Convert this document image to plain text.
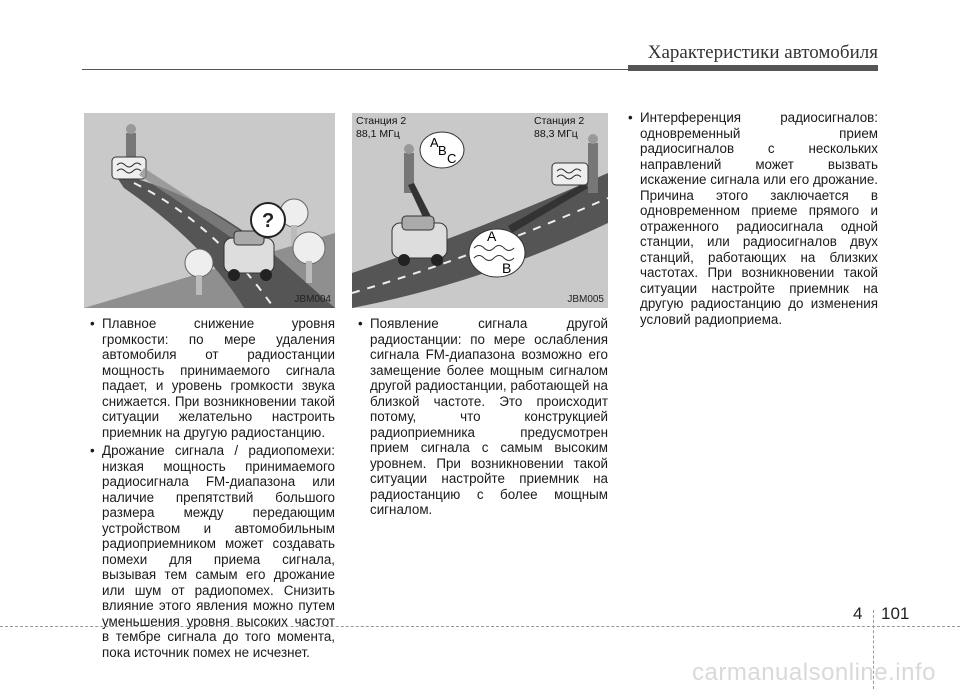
Характеристики автомобиля
?
JBM004
A
B
C
A
B
Станция 2
88,1 МГц
Станция 2
88,3 МГц
JBM005

• Плавное снижение уровня громкости: по мере удаления автомобиля от радиостанции мощность принимаемого сигнала падает, и уровень громкости звука снижается. При возникновении такой ситуации желательно настроить приемник на другую радиостанцию.

• Дрожание сигнала / радиопомехи: низкая мощность принимаемого радиосигнала FM-диапазона или наличие препятствий большого размера между передающим устройством и автомобильным радиоприемником может создавать помехи для приема сигнала, вызывая тем самым его дрожание или шум от радиопомех. Снизить влияние этого явления можно путем уменьшения уровня высоких частот в тембре сигнала до того момента, пока источник помех не исчезнет.

• Появление сигнала другой радиостанции: по мере ослабления сигнала FM-диапазона возможно его замещение более мощным сигналом другой радиостанции, работающей на близкой частоте. Это происходит потому, что конструкцией радиоприемника предусмотрен прием сигнала с самым высоким уровнем. При возникновении такой ситуации настройте приемник на радиостанцию с более мощным сигналом.

• Интерференция радиосигналов: одновременный прием радиосигналов с нескольких направлений может вызвать искажение сигнала или его дрожание. Причина этого заключается в одновременном приеме прямого и отраженного радиосигнала одной станции, или радиосигналов двух станций, работающих на близких частотах. При возникновении такой ситуации настройте приемник на другую радиостанцию до изменения условий радиоприема.

4 101
carmanualsonline.info
